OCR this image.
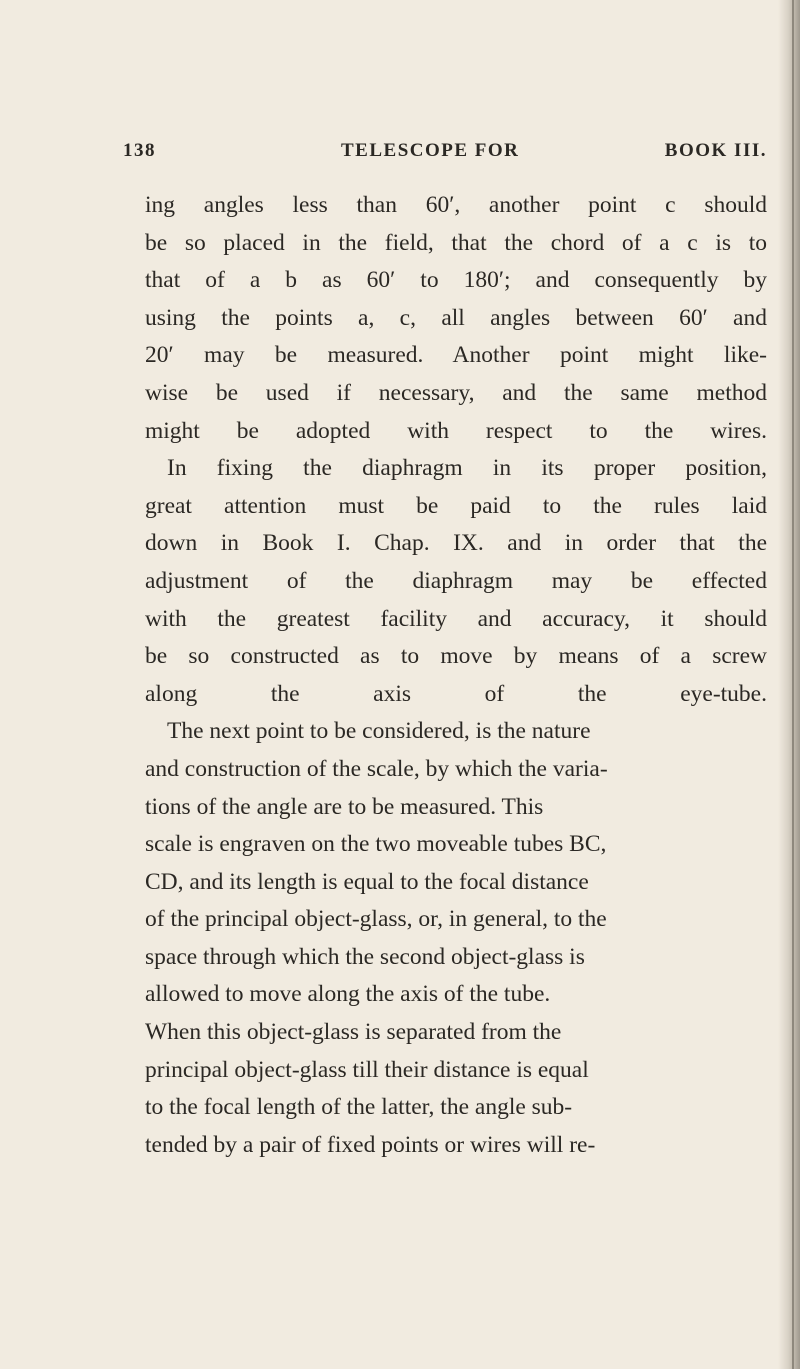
138	TELESCOPE FOR	BOOK III.

ing angles less than 60′, another point c should
be so placed in the field, that the chord of a c is to
that of a b as 60′ to 180′; and consequently by
using the points a, c, all angles between 60′ and
20′ may be measured. Another point might like-
wise be used if necessary, and the same method
might be adopted with respect to the wires.

In fixing the diaphragm in its proper position,
great attention must be paid to the rules laid
down in Book I. Chap. IX. and in order that the
adjustment of the diaphragm may be effected
with the greatest facility and accuracy, it should
be so constructed as to move by means of a screw
along the axis of the eye-tube.

The next point to be considered, is the nature
and construction of the scale, by which the varia-
tions of the angle are to be measured. This
scale is engraven on the two moveable tubes BC,
CD, and its length is equal to the focal distance
of the principal object-glass, or, in general, to the
space through which the second object-glass is
allowed to move along the axis of the tube.
When this object-glass is separated from the
principal object-glass till their distance is equal
to the focal length of the latter, the angle sub-
tended by a pair of fixed points or wires will re-
